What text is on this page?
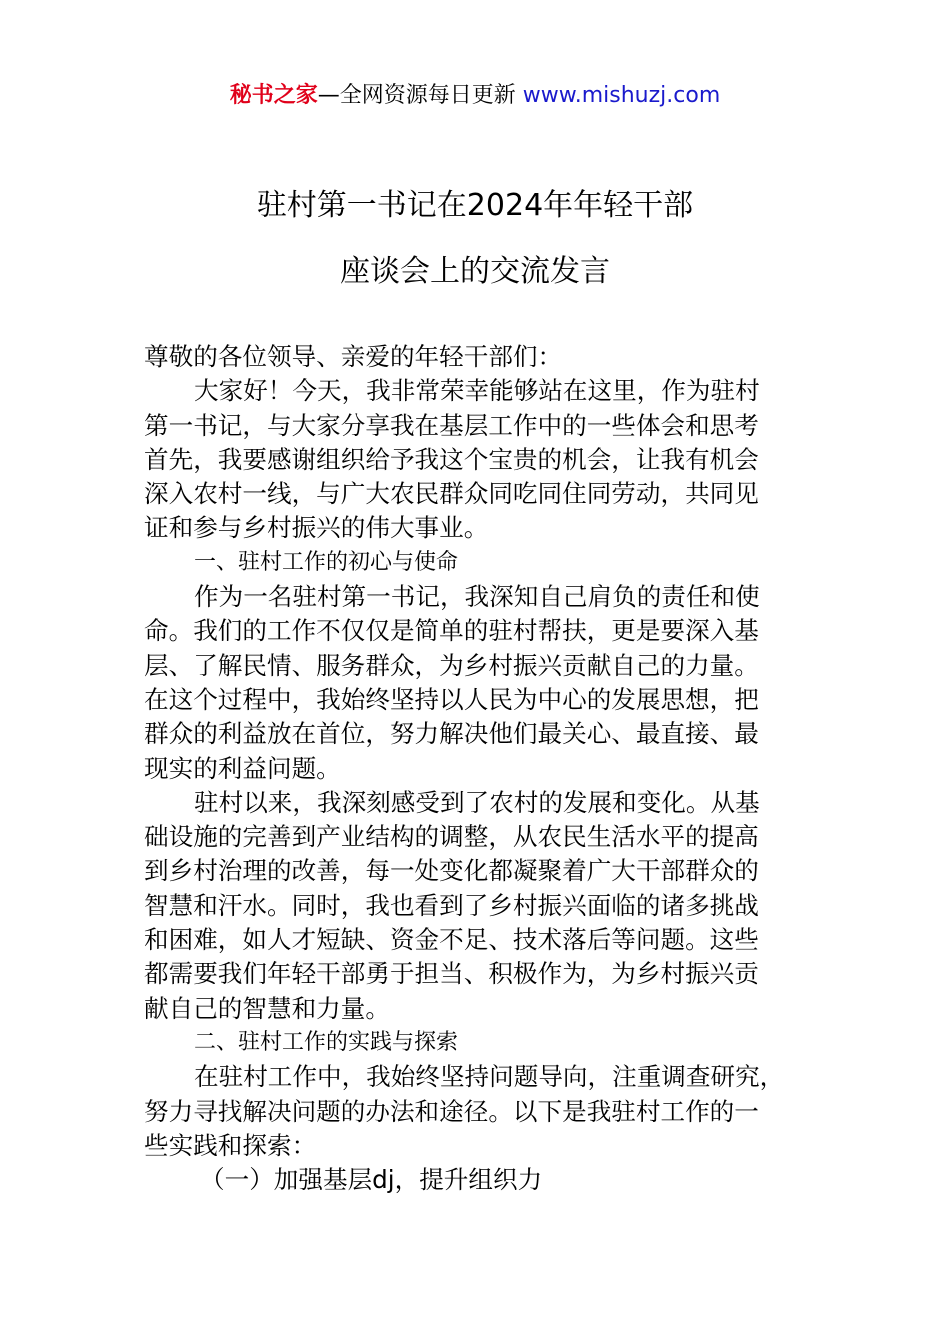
秘书之家—全网资源每日更新 www.mishuzj.com
驻村第一书记在2024年年轻干部
座谈会上的交流发言

尊敬的各位领导、亲爱的年轻干部们：

大家好！今天，我非常荣幸能够站在这里，作为驻村

第一书记，与大家分享我在基层工作中的一些体会和思考

首先，我要感谢组织给予我这个宝贵的机会，让我有机会

深入农村一线，与广大农民群众同吃同住同劳动，共同见

证和参与乡村振兴的伟大事业。

一、驻村工作的初心与使命

作为一名驻村第一书记，我深知自己肩负的责任和使

命。我们的工作不仅仅是简单的驻村帮扶，更是要深入基

层、了解民情、服务群众，为乡村振兴贡献自己的力量。

在这个过程中，我始终坚持以人民为中心的发展思想，把

群众的利益放在首位，努力解决他们最关心、最直接、最

现实的利益问题。

驻村以来，我深刻感受到了农村的发展和变化。从基

础设施的完善到产业结构的调整，从农民生活水平的提高

到乡村治理的改善，每一处变化都凝聚着广大干部群众的

智慧和汗水。同时，我也看到了乡村振兴面临的诸多挑战

和困难，如人才短缺、资金不足、技术落后等问题。这些

都需要我们年轻干部勇于担当、积极作为，为乡村振兴贡

献自己的智慧和力量。

二、驻村工作的实践与探索

在驻村工作中，我始终坚持问题导向，注重调查研究，

努力寻找解决问题的办法和途径。以下是我驻村工作的一

些实践和探索：

（一）加强基层dj，提升组织力
